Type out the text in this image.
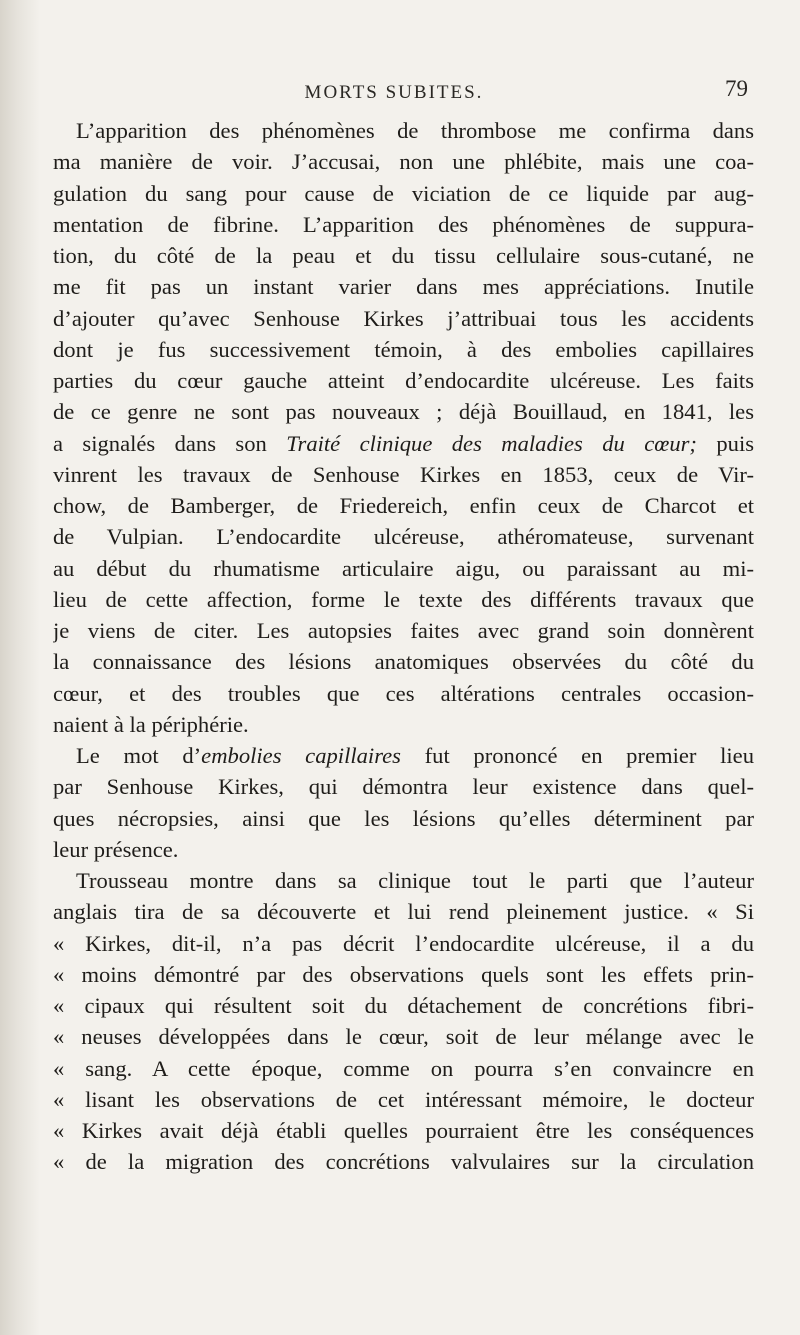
MORTS SUBITES.	79
L’apparition des phénomènes de thrombose me confirma dans
ma manière de voir. J’accusai, non une phlébite, mais une coa-
gulation du sang pour cause de viciation de ce liquide par aug-
mentation de fibrine. L’apparition des phénomènes de suppura-
tion, du côté de la peau et du tissu cellulaire sous-cutané, ne
me fit pas un instant varier dans mes appréciations. Inutile
d’ajouter qu’avec Senhouse Kirkes j’attribuai tous les accidents
dont je fus successivement témoin, à des embolies capillaires
parties du cœur gauche atteint d’endocardite ulcéreuse. Les faits
de ce genre ne sont pas nouveaux ; déjà Bouillaud, en 1841, les
a signalés dans son Traité clinique des maladies du cœur; puis
vinrent les travaux de Senhouse Kirkes en 1853, ceux de Vir-
chow, de Bamberger, de Friedereich, enfin ceux de Charcot et
de Vulpian. L’endocardite ulcéreuse, athéromateuse, survenant
au début du rhumatisme articulaire aigu, ou paraissant au mi-
lieu de cette affection, forme le texte des différents travaux que
je viens de citer. Les autopsies faites avec grand soin donnèrent
la connaissance des lésions anatomiques observées du côté du
cœur, et des troubles que ces altérations centrales occasion-
naient à la périphérie.
Le mot d’embolies capillaires fut prononcé en premier lieu
par Senhouse Kirkes, qui démontra leur existence dans quel-
ques nécropsies, ainsi que les lésions qu’elles déterminent par
leur présence.
Trousseau montre dans sa clinique tout le parti que l’auteur
anglais tira de sa découverte et lui rend pleinement justice. « Si
« Kirkes, dit-il, n’a pas décrit l’endocardite ulcéreuse, il a du
« moins démontré par des observations quels sont les effets prin-
« cipaux qui résultent soit du détachement de concrétions fibri-
« neuses développées dans le cœur, soit de leur mélange avec le
« sang. A cette époque, comme on pourra s’en convaincre en
« lisant les observations de cet intéressant mémoire, le docteur
« Kirkes avait déjà établi quelles pourraient être les conséquences
« de la migration des concrétions valvulaires sur la circulation
